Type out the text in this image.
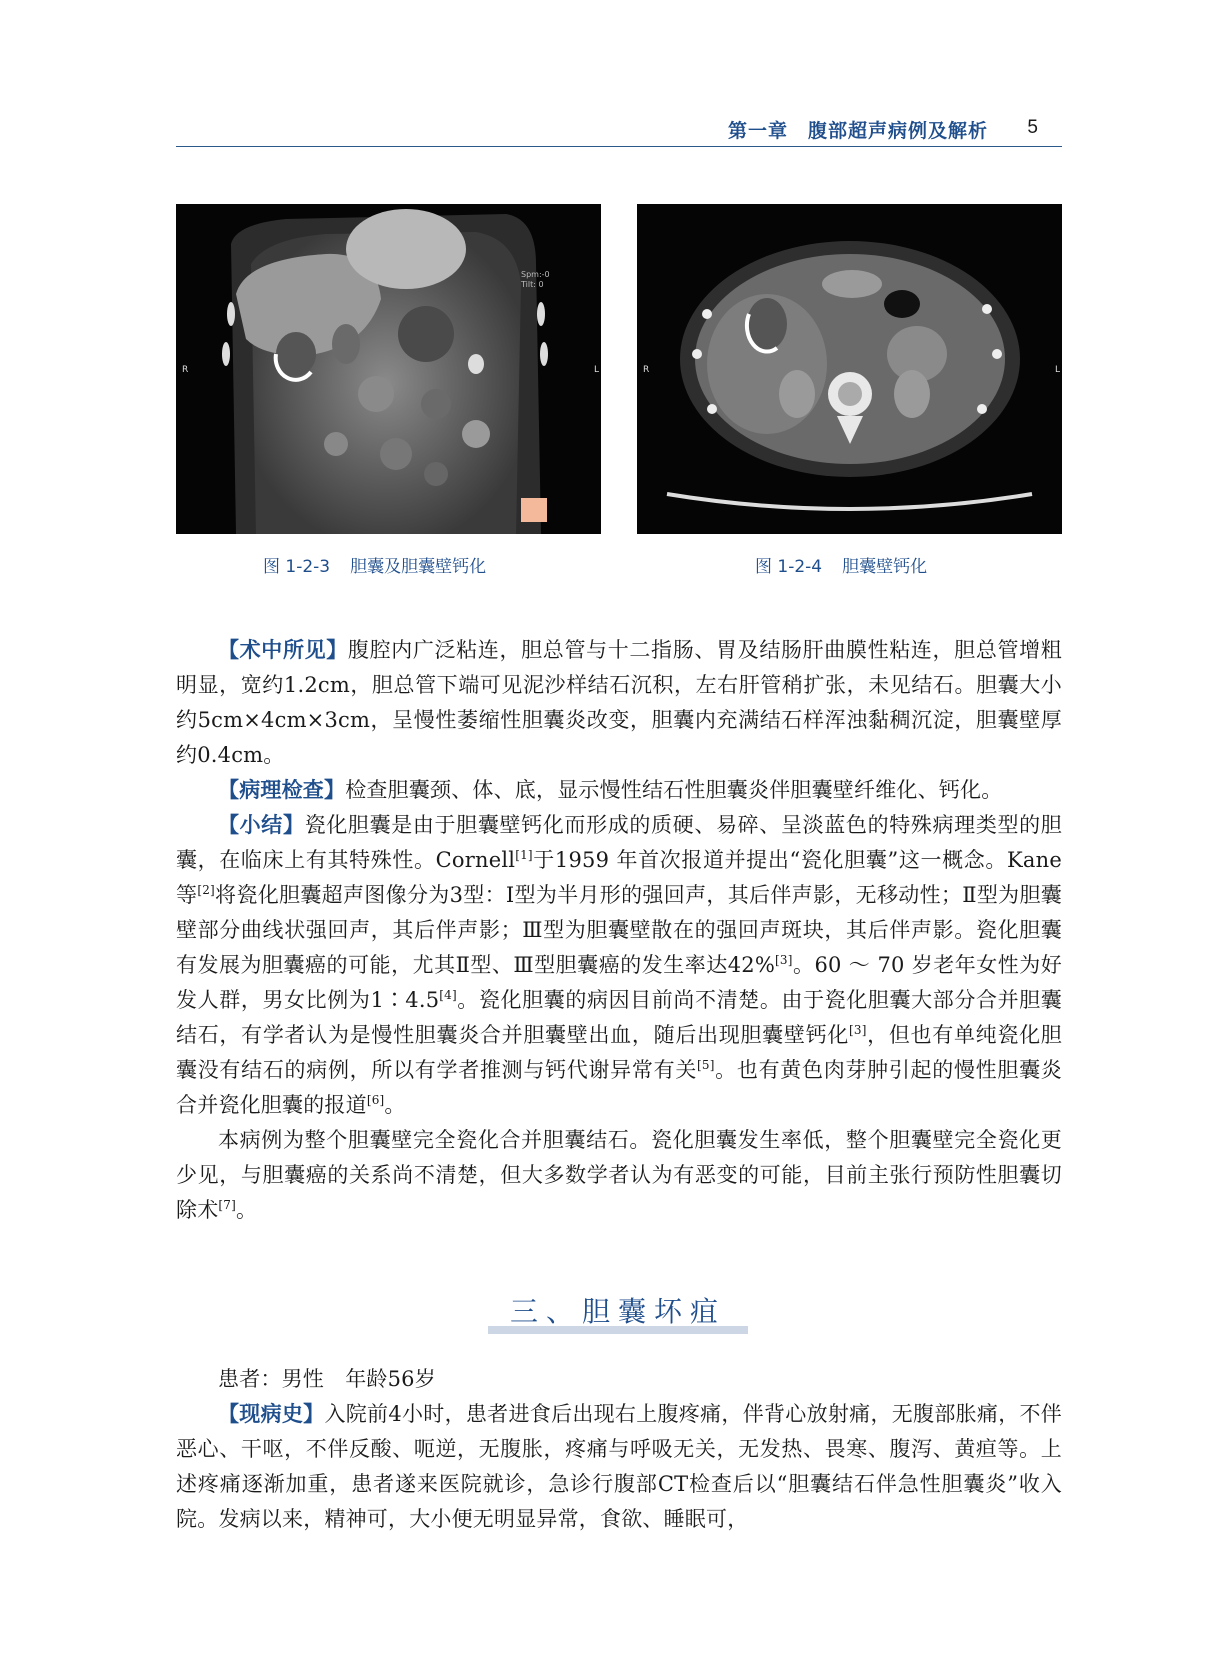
第一章　腹部超声病例及解析 5
R	L
Spm:-0
Tilt: 0
R	L
图 1-2-3 胆囊及胆囊壁钙化	图 1-2-4 胆囊壁钙化

【术中所见】腹腔内广泛粘连，胆总管与十二指肠、胃及结肠肝曲膜性粘连，胆总管增粗明显，宽约1.2cm，胆总管下端可见泥沙样结石沉积，左右肝管稍扩张，未见结石。胆囊大小约5cm×4cm×3cm，呈慢性萎缩性胆囊炎改变，胆囊内充满结石样浑浊黏稠沉淀，胆囊壁厚约0.4cm。

【病理检查】检查胆囊颈、体、底，显示慢性结石性胆囊炎伴胆囊壁纤维化、钙化。

【小结】瓷化胆囊是由于胆囊壁钙化而形成的质硬、易碎、呈淡蓝色的特殊病理类型的胆囊，在临床上有其特殊性。Cornell[1]于1959 年首次报道并提出“瓷化胆囊”这一概念。Kane 等[2]将瓷化胆囊超声图像分为3型：Ⅰ型为半月形的强回声，其后伴声影，无移动性；Ⅱ型为胆囊壁部分曲线状强回声，其后伴声影；Ⅲ型为胆囊壁散在的强回声斑块，其后伴声影。瓷化胆囊有发展为胆囊癌的可能，尤其Ⅱ型、Ⅲ型胆囊癌的发生率达42%[3]。60 ～ 70 岁老年女性为好发人群，男女比例为1∶4.5[4]。瓷化胆囊的病因目前尚不清楚。由于瓷化胆囊大部分合并胆囊结石，有学者认为是慢性胆囊炎合并胆囊壁出血，随后出现胆囊壁钙化[3]，但也有单纯瓷化胆囊没有结石的病例，所以有学者推测与钙代谢异常有关[5]。也有黄色肉芽肿引起的慢性胆囊炎合并瓷化胆囊的报道[6]。

本病例为整个胆囊壁完全瓷化合并胆囊结石。瓷化胆囊发生率低，整个胆囊壁完全瓷化更少见，与胆囊癌的关系尚不清楚，但大多数学者认为有恶变的可能，目前主张行预防性胆囊切除术[7]。

三、胆囊坏疽

患者：男性　年龄56岁

【现病史】入院前4小时，患者进食后出现右上腹疼痛，伴背心放射痛，无腹部胀痛，不伴恶心、干呕，不伴反酸、呃逆，无腹胀，疼痛与呼吸无关，无发热、畏寒、腹泻、黄疸等。上述疼痛逐渐加重，患者遂来医院就诊，急诊行腹部CT检查后以“胆囊结石伴急性胆囊炎”收入院。发病以来，精神可，大小便无明显异常，食欲、睡眠可，
